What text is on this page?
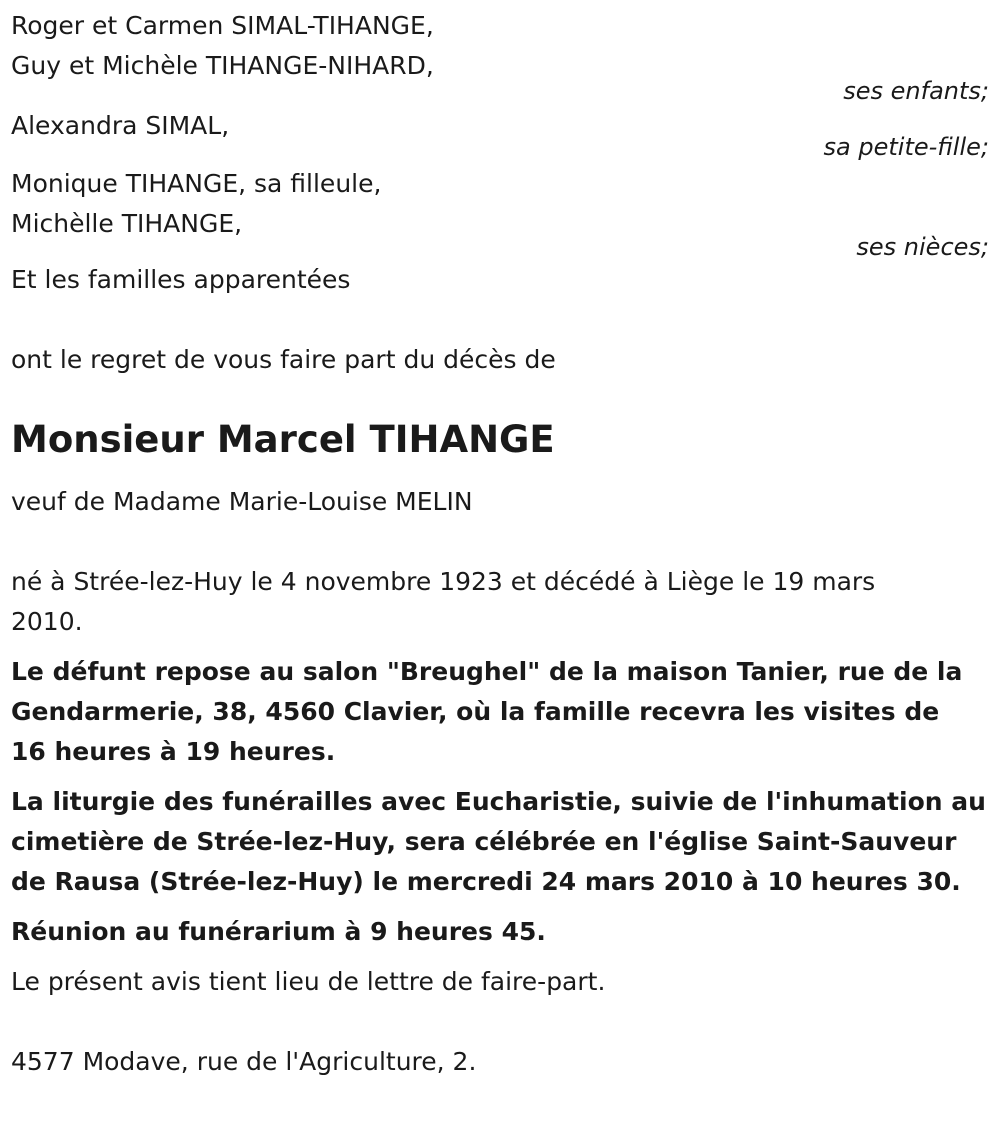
Roger et Carmen SIMAL-TIHANGE,
Guy et Michèle TIHANGE-NIHARD,
ses enfants;
Alexandra SIMAL,
sa petite-fille;
Monique TIHANGE, sa filleule,
Michèlle TIHANGE,
ses nièces;
Et les familles apparentées
ont le regret de vous faire part du décès de
Monsieur Marcel TIHANGE
veuf de Madame Marie-Louise MELIN
né à Strée-lez-Huy le 4 novembre 1923 et décédé à Liège le 19 mars 2010.
Le défunt repose au salon "Breughel" de la maison Tanier, rue de la Gendarmerie, 38, 4560 Clavier, où la famille recevra les visites de 16 heures à 19 heures.
La liturgie des funérailles avec Eucharistie, suivie de l'inhumation au cimetière de Strée-lez-Huy, sera célébrée en l'église Saint-Sauveur de Rausa (Strée-lez-Huy) le mercredi 24 mars 2010 à 10 heures 30.
Réunion au funérarium à 9 heures 45.
Le présent avis tient lieu de lettre de faire-part.
4577 Modave, rue de l'Agriculture, 2.
